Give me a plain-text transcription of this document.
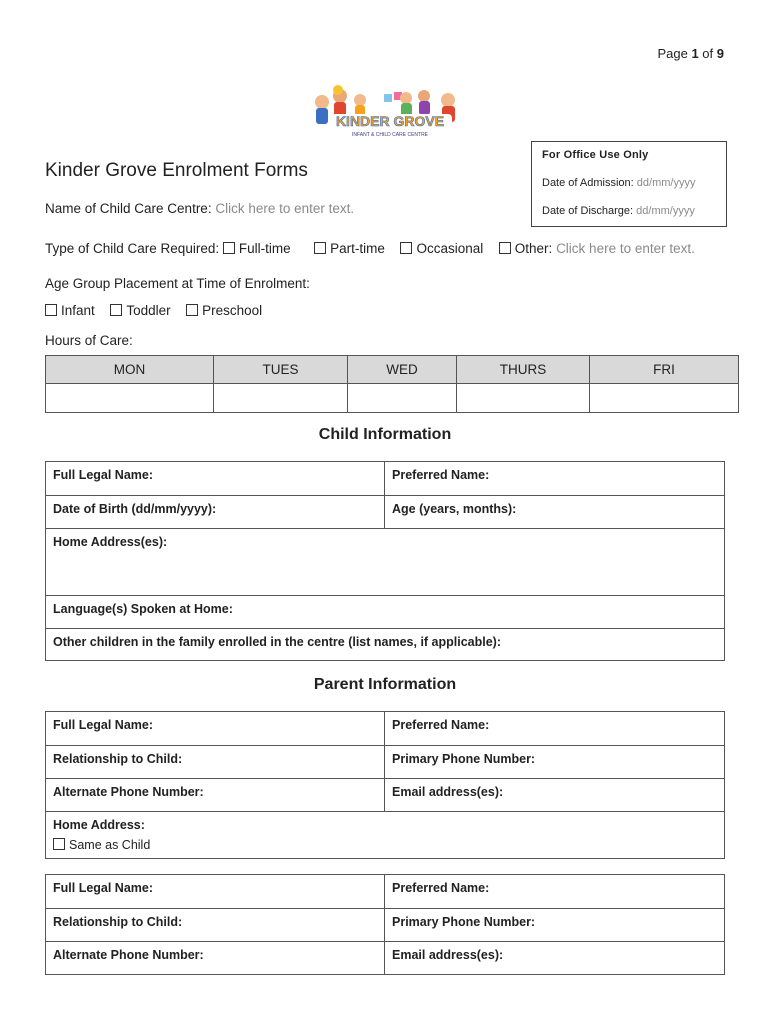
Page 1 of 9
KINDER GROVE
INFANT & CHILD CARE CENTRE
For Office Use Only
Date of Admission: dd/mm/yyyy
Date of Discharge: dd/mm/yyyy
Kinder Grove Enrolment Forms
Name of Child Care Centre: Click here to enter text.
Type of Child Care Required: Full-time	Part-time Occasional Other: Click here to enter text.
Age Group Placement at Time of Enrolment:
Infant Toddler Preschool
Hours of Care:
MON	TUES	WED	THURS	FRI

Child Information
Full Legal Name:	Preferred Name:
Date of Birth (dd/mm/yyyy):	Age (years, months):
Home Address(es):	
Language(s) Spoken at Home:	
Other children in the family enrolled in the centre (list names, if applicable):	
Parent Information
Full Legal Name:	Preferred Name:
Relationship to Child:	Primary Phone Number:
Alternate Phone Number:	Email address(es):

Home Address:
Same as Child	
Full Legal Name:	Preferred Name:
Relationship to Child:	Primary Phone Number:
Alternate Phone Number:	Email address(es):
